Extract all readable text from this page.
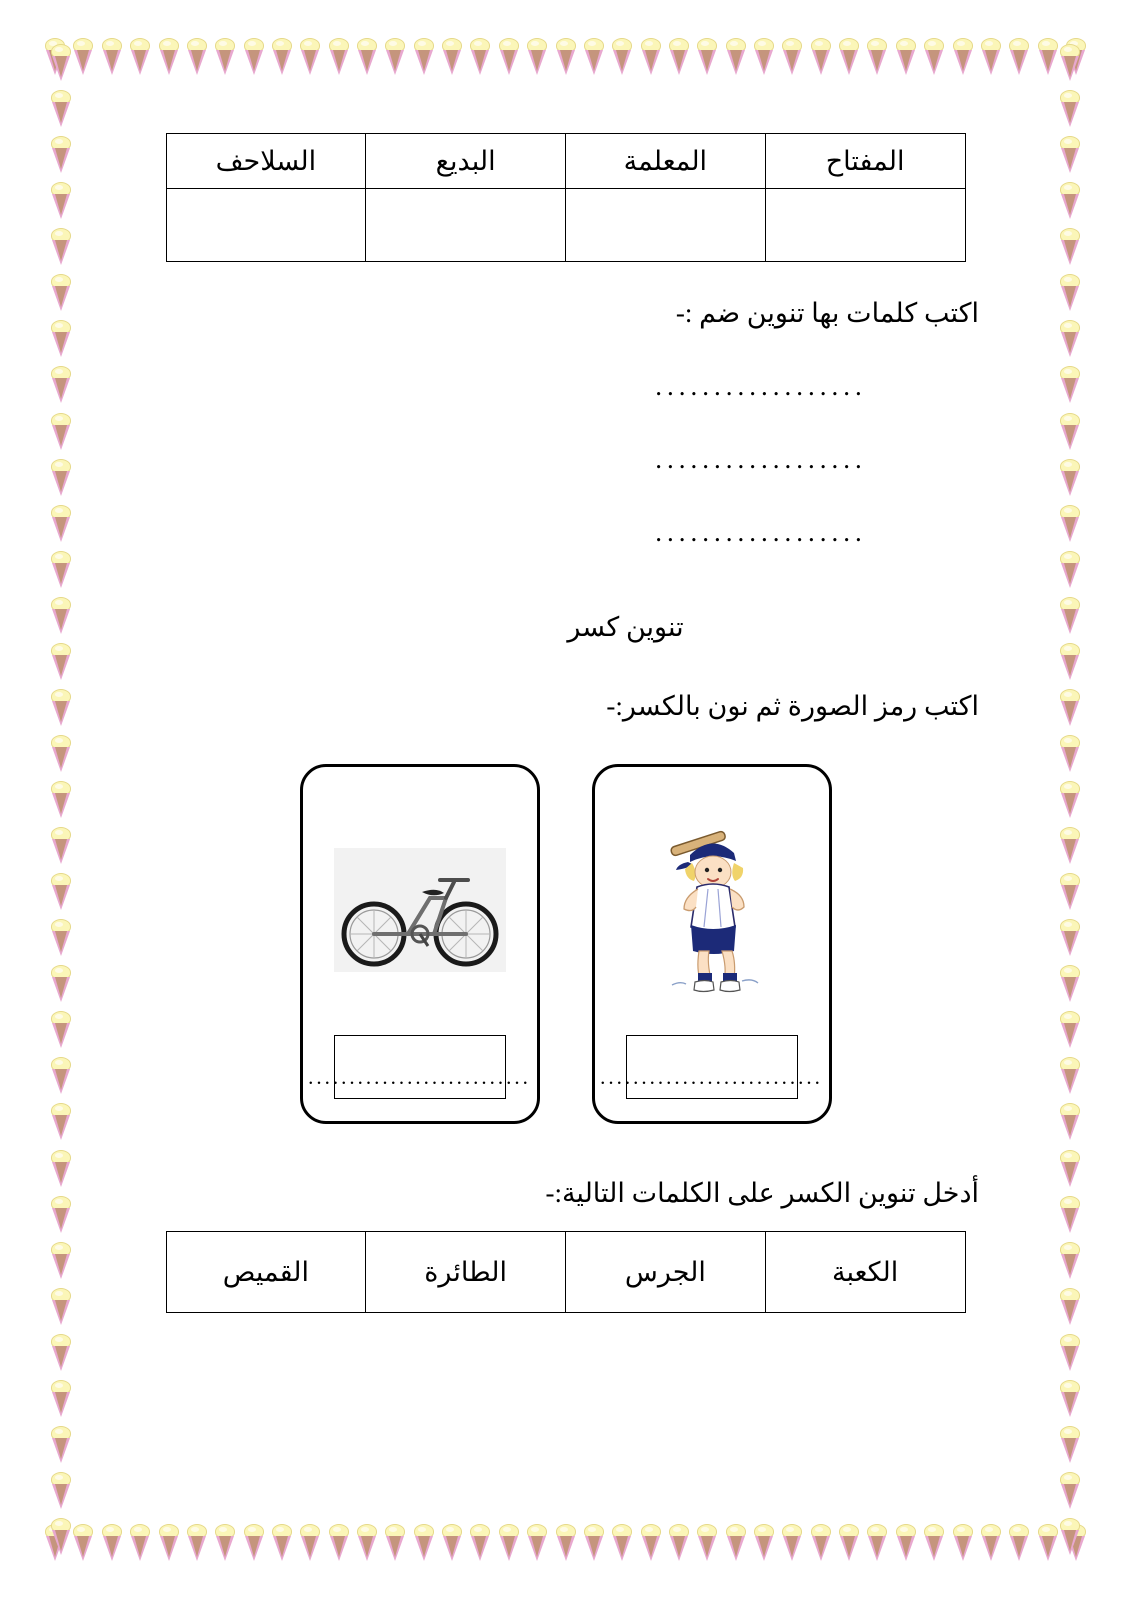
المفتاح	المعلمة	البديع	السلاحف

اكتب كلمات بها تنوين ضم :-
..................
..................
..................
تنوين كسر
اكتب رمز الصورة ثم نون بالكسر:-
...........................
...........................
أدخل تنوين الكسر على الكلمات التالية:-
الكعبة	الجرس	الطائرة	القميص
